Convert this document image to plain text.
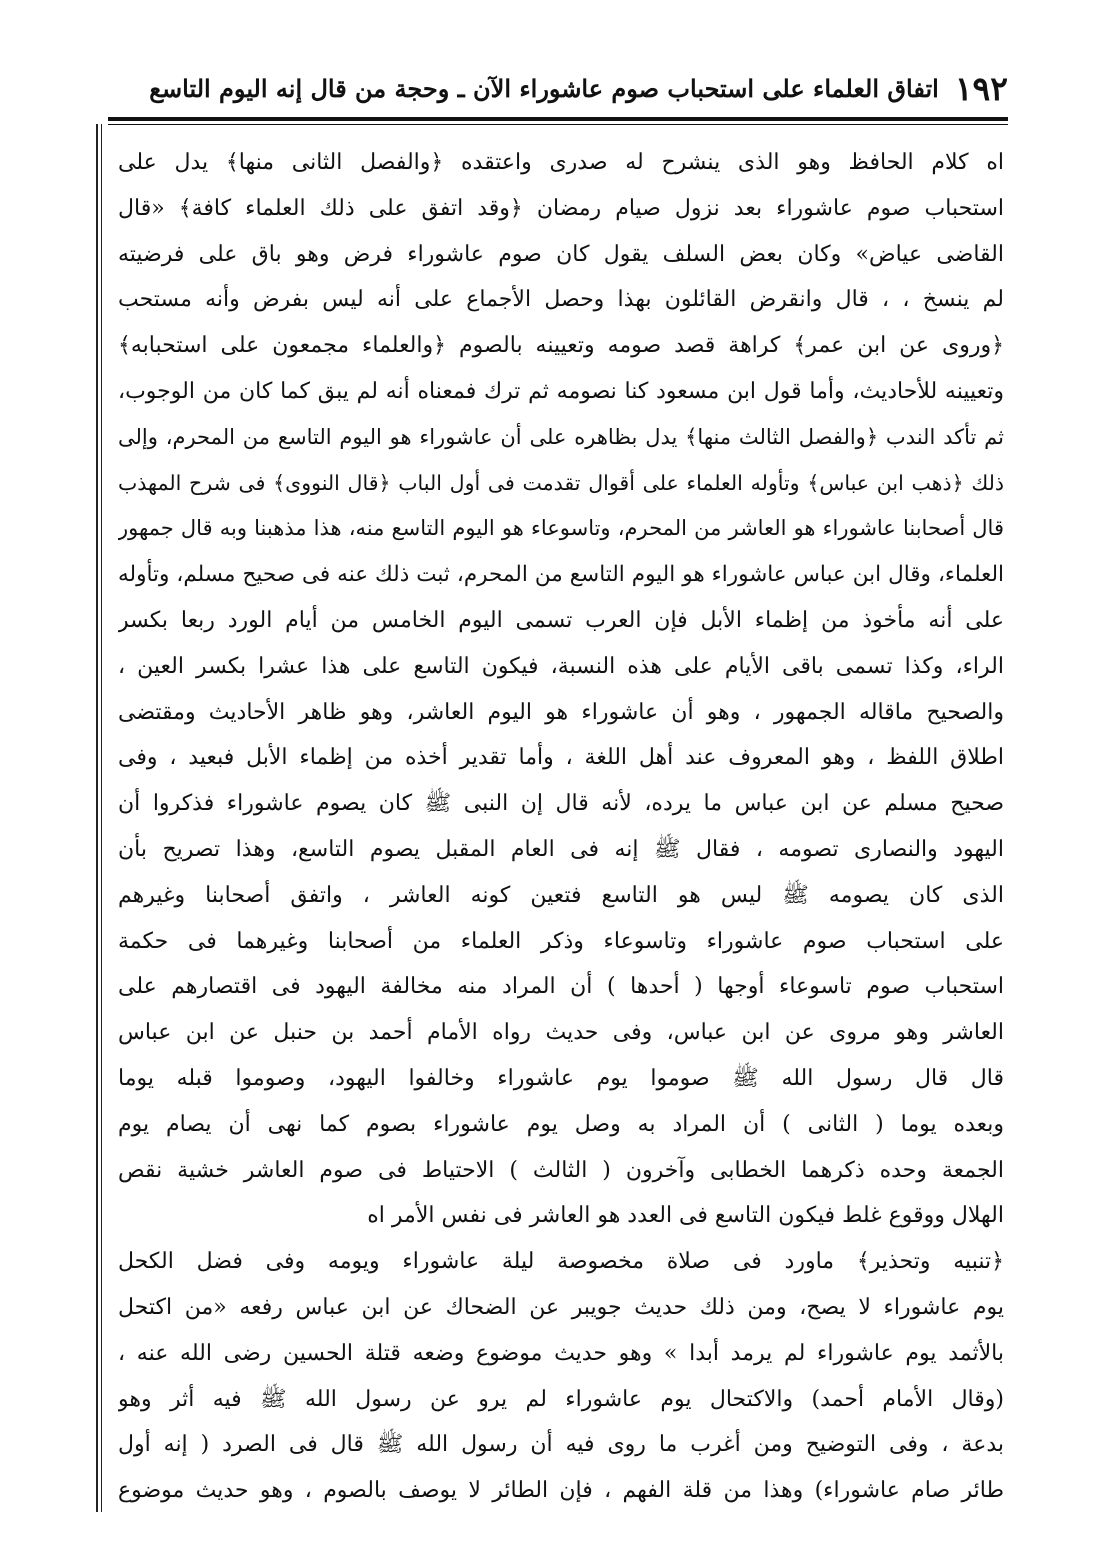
١٩٢
اتفاق العلماء على استحباب صوم عاشوراء الآن ـ وحجة من قال إنه اليوم التاسع
اه كلام الحافظ وهو الذى ينشرح له صدرى واعتقده ﴿والفصل الثانى منها﴾ يدل على
استحباب صوم عاشوراء بعد نزول صيام رمضان ﴿وقد اتفق على ذلك العلماء كافة﴾ «قال
القاضى عياض» وكان بعض السلف يقول كان صوم عاشوراء فرض وهو باق على فرضيته
لم ينسخ ، ، قال وانقرض القائلون بهذا وحصل الأجماع على أنه ليس بفرض وأنه مستحب
﴿وروى عن ابن عمر﴾ كراهة قصد صومه وتعيينه بالصوم ﴿والعلماء مجمعون على استحبابه﴾
وتعيينه للأحاديث، وأما قول ابن مسعود كنا نصومه ثم ترك فمعناه أنه لم يبق كما كان من الوجوب،
ثم تأكد الندب ﴿والفصل الثالث منها﴾ يدل بظاهره على أن عاشوراء هو اليوم التاسع من المحرم، وإلى
ذلك ﴿ذهب ابن عباس﴾ وتأوله العلماء على أقوال تقدمت فى أول الباب ﴿قال النووى﴾ فى شرح المهذب
قال أصحابنا عاشوراء هو العاشر من المحرم، وتاسوعاء هو اليوم التاسع منه، هذا مذهبنا وبه قال جمهور
العلماء، وقال ابن عباس عاشوراء هو اليوم التاسع من المحرم، ثبت ذلك عنه فى صحيح مسلم، وتأوله
على أنه مأخوذ من إظماء الأبل فإن العرب تسمى اليوم الخامس من أيام الورد ربعا بكسر
الراء، وكذا تسمى باقى الأيام على هذه النسبة، فيكون التاسع على هذا عشرا بكسر العين ،
والصحيح ماقاله الجمهور ، وهو أن عاشوراء هو اليوم العاشر، وهو ظاهر الأحاديث ومقتضى
اطلاق اللفظ ، وهو المعروف عند أهل اللغة ، وأما تقدير أخذه من إظماء الأبل فبعيد ، وفى
صحيح مسلم عن ابن عباس ما يرده، لأنه قال إن النبى ﷺ كان يصوم عاشوراء فذكروا أن
اليهود والنصارى تصومه ، فقال ﷺ إنه فى العام المقبل يصوم التاسع، وهذا تصريح بأن
الذى كان يصومه ﷺ ليس هو التاسع فتعين كونه العاشر ، واتفق أصحابنا وغيرهم
على استحباب صوم عاشوراء وتاسوعاء وذكر العلماء من أصحابنا وغيرهما فى حكمة
استحباب صوم تاسوعاء أوجها ( أحدها ) أن المراد منه مخالفة اليهود فى اقتصارهم على
العاشر وهو مروى عن ابن عباس، وفى حديث رواه الأمام أحمد بن حنبل عن ابن عباس
قال قال رسول الله ﷺ صوموا يوم عاشوراء وخالفوا اليهود، وصوموا قبله يوما
وبعده يوما ( الثانى ) أن المراد به وصل يوم عاشوراء بصوم كما نهى أن يصام يوم
الجمعة وحده ذكرهما الخطابى وآخرون ( الثالث ) الاحتياط فى صوم العاشر خشية نقص
الهلال ووقوع غلط فيكون التاسع فى العدد هو العاشر فى نفس الأمر اه
﴿تنبيه وتحذير﴾ ماورد فى صلاة مخصوصة ليلة عاشوراء ويومه وفى فضل الكحل
يوم عاشوراء لا يصح، ومن ذلك حديث جويبر عن الضحاك عن ابن عباس رفعه «من اكتحل
بالأثمد يوم عاشوراء لم يرمد أبدا » وهو حديث موضوع وضعه قتلة الحسين رضى الله عنه ،
(وقال الأمام أحمد) والاكتحال يوم عاشوراء لم يرو عن رسول الله ﷺ فيه أثر وهو
بدعة ، وفى التوضيح ومن أغرب ما روى فيه أن رسول الله ﷺ قال فى الصرد ( إنه أول
طائر صام عاشوراء) وهذا من قلة الفهم ، فإن الطائر لا يوصف بالصوم ، وهو حديث موضوع
